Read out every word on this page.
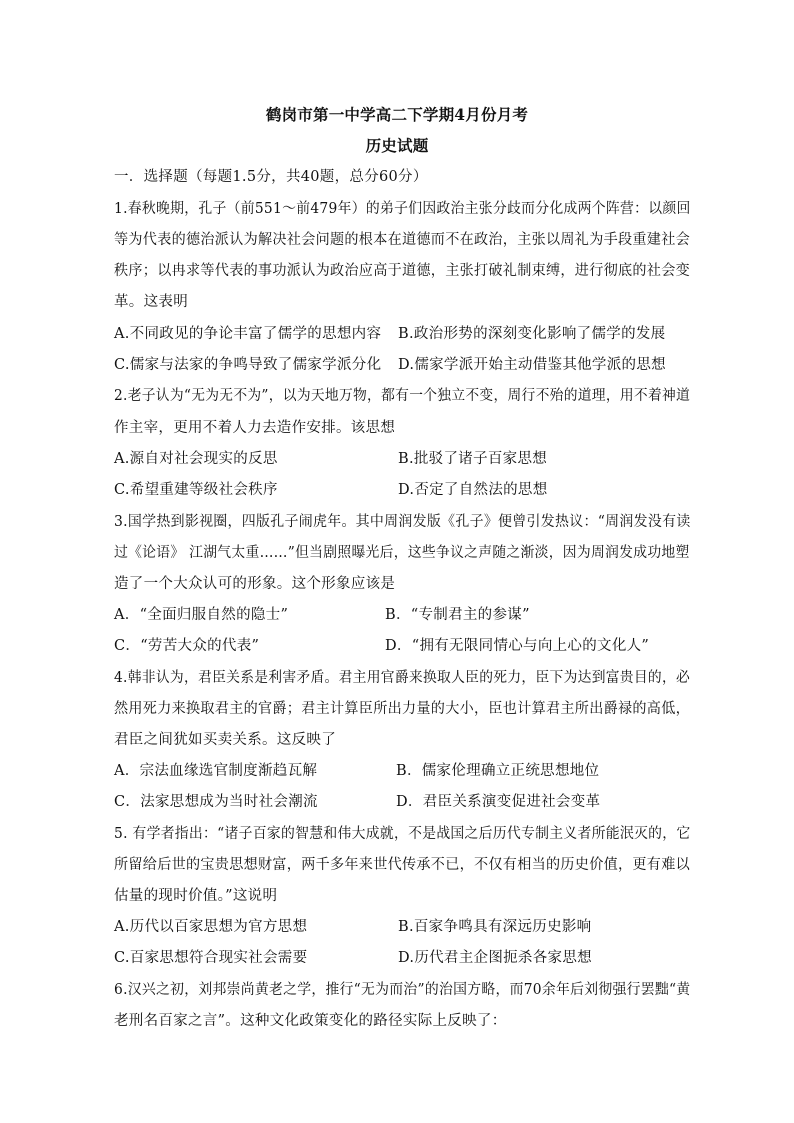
鹤岗市第一中学高二下学期4月份月考
历史试题
一．选择题（每题1.5分，共40题，总分60分）
1.春秋晚期，孔子（前551～前479年）的弟子们因政治主张分歧而分化成两个阵营：以颜回
等为代表的德治派认为解决社会问题的根本在道德而不在政治，主张以周礼为手段重建社会
秩序；以冉求等代表的事功派认为政治应高于道德，主张打破礼制束缚，进行彻底的社会变
革。这表明
A.不同政见的争论丰富了儒学的思想内容 B.政治形势的深刻变化影响了儒学的发展
C.儒家与法家的争鸣导致了儒家学派分化 D.儒家学派开始主动借鉴其他学派的思想
2.老子认为“无为无不为”，以为天地万物，都有一个独立不变，周行不殆的道理，用不着神道
作主宰，更用不着人力去造作安排。该思想
A.源自对社会现实的反思	B.批驳了诸子百家思想
C.希望重建等级社会秩序	D.否定了自然法的思想
3.国学热到影视圈，四版孔子闹虎年。其中周润发版《孔子》便曾引发热议：“周润发没有读
过《论语》 江湖气太重……”但当剧照曝光后，这些争议之声随之渐淡，因为周润发成功地塑
造了一个大众认可的形象。这个形象应该是
A．“全面归服自然的隐士”	B．“专制君主的参谋”
C．“劳苦大众的代表”	D．“拥有无限同情心与向上心的文化人”
4.韩非认为，君臣关系是利害矛盾。君主用官爵来换取人臣的死力，臣下为达到富贵目的，必
然用死力来换取君主的官爵；君主计算臣所出力量的大小，臣也计算君主所出爵禄的高低，
君臣之间犹如买卖关系。这反映了
A．宗法血缘选官制度渐趋瓦解	B．儒家伦理确立正统思想地位
C．法家思想成为当时社会潮流	D．君臣关系演变促进社会变革
5. 有学者指出：“诸子百家的智慧和伟大成就，不是战国之后历代专制主义者所能泯灭的，它
所留给后世的宝贵思想财富，两千多年来世代传承不已，不仅有相当的历史价值，更有难以
估量的现时价值。”这说明
A.历代以百家思想为官方思想	B.百家争鸣具有深远历史影响
C.百家思想符合现实社会需要	D.历代君主企图扼杀各家思想
6.汉兴之初，刘邦崇尚黄老之学，推行“无为而治”的治国方略，而70余年后刘彻强行罢黜“黄
老刑名百家之言”。这种文化政策变化的路径实际上反映了：
